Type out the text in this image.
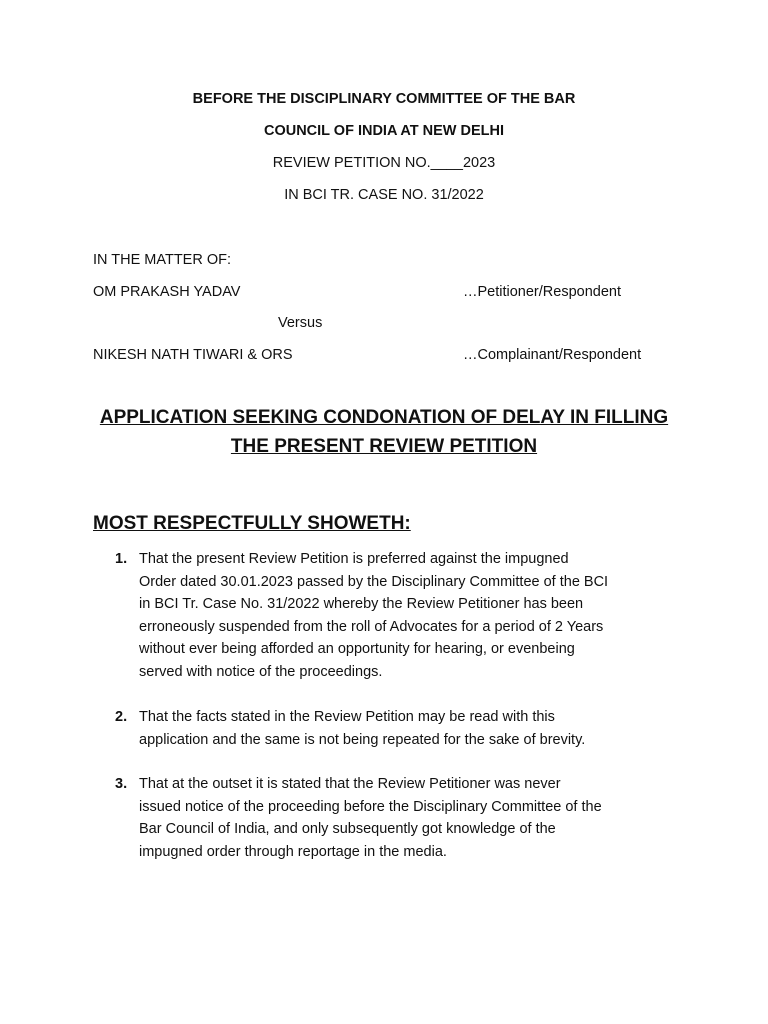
BEFORE THE DISCIPLINARY COMMITTEE OF THE BAR
COUNCIL OF INDIA AT NEW DELHI
REVIEW PETITION NO.____2023
IN BCI TR. CASE NO. 31/2022
IN THE MATTER OF:
OM PRAKASH YADAV	…Petitioner/Respondent
Versus
NIKESH NATH TIWARI & ORS	…Complainant/Respondent
APPLICATION SEEKING CONDONATION OF DELAY IN FILLING
THE PRESENT REVIEW PETITION
MOST RESPECTFULLY SHOWETH:
1. That the present Review Petition is preferred against the impugned
Order dated 30.01.2023 passed by the Disciplinary Committee of the BCI
in BCI Tr. Case No. 31/2022 whereby the Review Petitioner has been
erroneously suspended from the roll of Advocates for a period of 2 Years
without ever being afforded an opportunity for hearing, or evenbeing
served with notice of the proceedings.
2. That the facts stated in the Review Petition may be read with this
application and the same is not being repeated for the sake of brevity.
3. That at the outset it is stated that the Review Petitioner was never
issued notice of the proceeding before the Disciplinary Committee of the
Bar Council of India, and only subsequently got knowledge of the
impugned order through reportage in the media.
